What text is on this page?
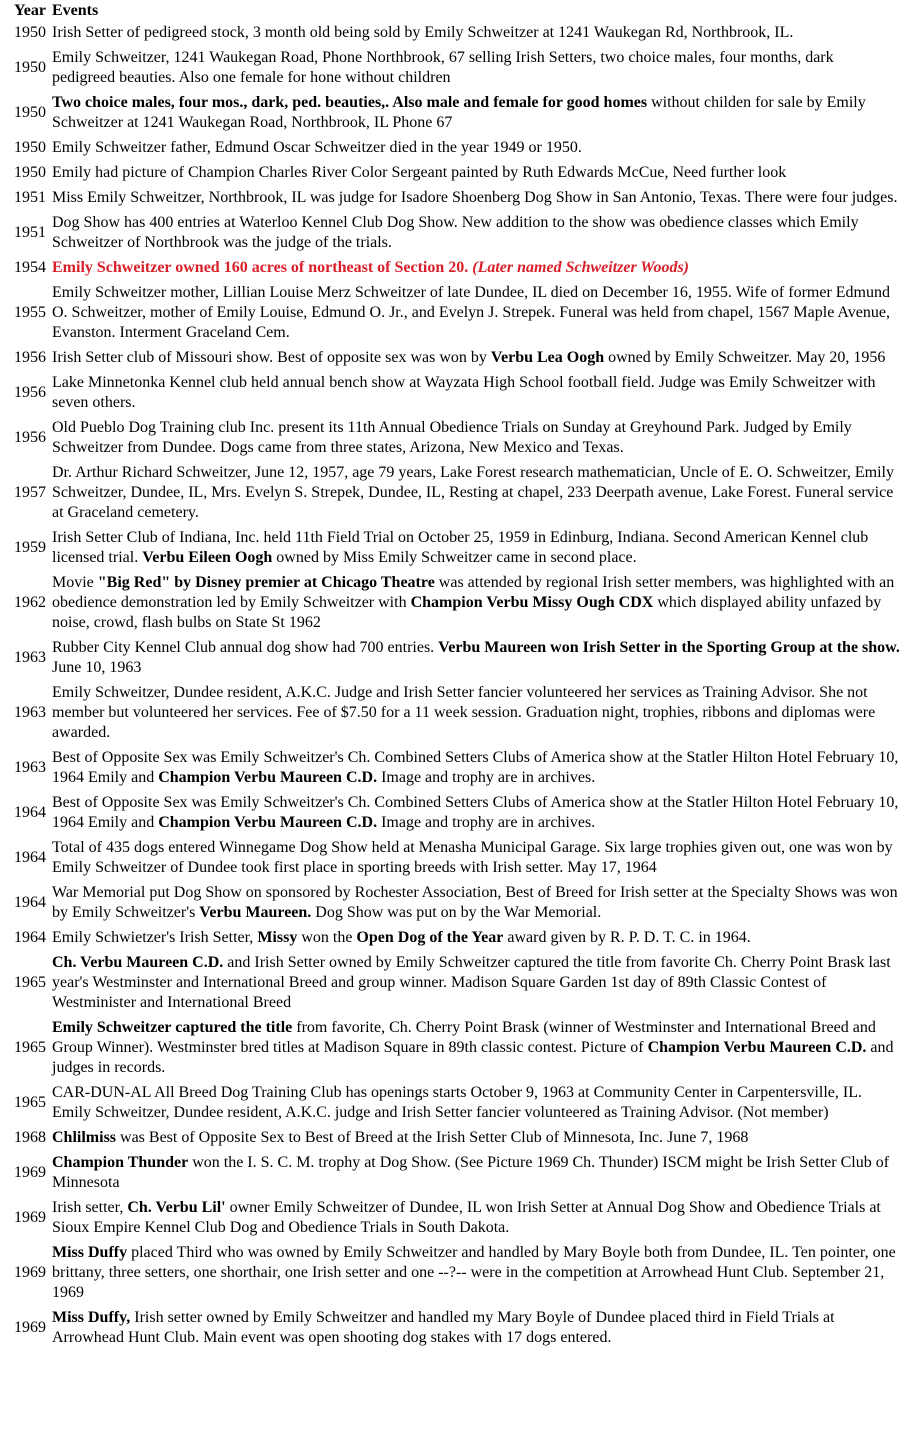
Year Events
1950 Irish Setter of pedigreed stock, 3 month old being sold by Emily Schweitzer at 1241 Waukegan Rd, Northbrook, IL.
1950
Emily Schweitzer, 1241 Waukegan Road, Phone Northbrook, 67 selling Irish Setters, two choice males, four months, dark pedigreed beauties. Also one female for hone without children
1950
Two choice males, four mos., dark, ped. beauties,. Also male and female for good homes without childen for sale by Emily Schweitzer at 1241 Waukegan Road, Northbrook, IL Phone 67
1950 Emily Schweitzer father, Edmund Oscar Schweitzer died in the year 1949 or 1950.
1950 Emily had picture of Champion Charles River Color Sergeant painted by Ruth Edwards McCue, Need further look
1951 Miss Emily Schweitzer, Northbrook, IL was judge for Isadore Shoenberg Dog Show in San Antonio, Texas. There were four judges.
1951
Dog Show has 400 entries at Waterloo Kennel Club Dog Show. New addition to the show was obedience classes which Emily Schweitzer of Northbrook was the judge of the trials.
1954 Emily Schweitzer owned 160 acres of northeast of Section 20. (Later named Schweitzer Woods)
1955
Emily Schweitzer mother, Lillian Louise Merz Schweitzer of late Dundee, IL died on December 16, 1955. Wife of former Edmund O. Schweitzer, mother of Emily Louise, Edmund O. Jr., and Evelyn J. Strepek. Funeral was held from chapel, 1567 Maple Avenue, Evanston. Interment Graceland Cem.
1956 Irish Setter club of Missouri show. Best of opposite sex was won by Verbu Lea Oogh owned by Emily Schweitzer. May 20, 1956
1956
Lake Minnetonka Kennel club held annual bench show at Wayzata High School football field. Judge was Emily Schweitzer with seven others.
1956
Old Pueblo Dog Training club Inc. present its 11th Annual Obedience Trials on Sunday at Greyhound Park. Judged by Emily Schweitzer from Dundee. Dogs came from three states, Arizona, New Mexico and Texas.
1957
Dr. Arthur Richard Schweitzer, June 12, 1957, age 79 years, Lake Forest research mathematician, Uncle of E. O. Schweitzer, Emily Schweitzer, Dundee, IL, Mrs. Evelyn S. Strepek, Dundee, IL, Resting at chapel, 233 Deerpath avenue, Lake Forest. Funeral service at Graceland cemetery.
1959
Irish Setter Club of Indiana, Inc. held 11th Field Trial on October 25, 1959 in Edinburg, Indiana. Second American Kennel club licensed trial. Verbu Eileen Oogh owned by Miss Emily Schweitzer came in second place.
1962
Movie "Big Red" by Disney premier at Chicago Theatre was attended by regional Irish setter members, was highlighted with an obedience demonstration led by Emily Schweitzer with Champion Verbu Missy Ough CDX which displayed ability unfazed by noise, crowd, flash bulbs on State St 1962
1963
Rubber City Kennel Club annual dog show had 700 entries. Verbu Maureen won Irish Setter in the Sporting Group at the show. June 10, 1963
1963
Emily Schweitzer, Dundee resident, A.K.C. Judge and Irish Setter fancier volunteered her services as Training Advisor. She not member but volunteered her services. Fee of $7.50 for a 11 week session. Graduation night, trophies, ribbons and diplomas were awarded.
1963
Best of Opposite Sex was Emily Schweitzer's Ch. Combined Setters Clubs of America show at the Statler Hilton Hotel February 10, 1964 Emily and Champion Verbu Maureen C.D. Image and trophy are in archives.
1964
Best of Opposite Sex was Emily Schweitzer's Ch. Combined Setters Clubs of America show at the Statler Hilton Hotel February 10, 1964 Emily and Champion Verbu Maureen C.D. Image and trophy are in archives.
1964
Total of 435 dogs entered Winnegame Dog Show held at Menasha Municipal Garage. Six large trophies given out, one was won by Emily Schweitzer of Dundee took first place in sporting breeds with Irish setter. May 17, 1964
1964
War Memorial put Dog Show on sponsored by Rochester Association, Best of Breed for Irish setter at the Specialty Shows was won by Emily Schweitzer's Verbu Maureen. Dog Show was put on by the War Memorial.
1964 Emily Schwietzer's Irish Setter, Missy won the Open Dog of the Year award given by R. P. D. T. C. in 1964.
1965
Ch. Verbu Maureen C.D. and Irish Setter owned by Emily Schweitzer captured the title from favorite Ch. Cherry Point Brask last year's Westminster and International Breed and group winner. Madison Square Garden 1st day of 89th Classic Contest of Westminister and International Breed
1965
Emily Schweitzer captured the title from favorite, Ch. Cherry Point Brask (winner of Westminster and International Breed and Group Winner). Westminster bred titles at Madison Square in 89th classic contest. Picture of Champion Verbu Maureen C.D. and judges in records.
1965
CAR-DUN-AL All Breed Dog Training Club has openings starts October 9, 1963 at Community Center in Carpentersville, IL. Emily Schweitzer, Dundee resident, A.K.C. judge and Irish Setter fancier volunteered as Training Advisor. (Not member)
1968 Chlilmiss was Best of Opposite Sex to Best of Breed at the Irish Setter Club of Minnesota, Inc. June 7, 1968
1969
Champion Thunder won the I. S. C. M. trophy at Dog Show. (See Picture 1969 Ch. Thunder) ISCM might be Irish Setter Club of Minnesota
1969
Irish setter, Ch. Verbu Lil' owner Emily Schweitzer of Dundee, IL won Irish Setter at Annual Dog Show and Obedience Trials at Sioux Empire Kennel Club Dog and Obedience Trials in South Dakota.
1969
Miss Duffy placed Third who was owned by Emily Schweitzer and handled by Mary Boyle both from Dundee, IL. Ten pointer, one brittany, three setters, one shorthair, one Irish setter and one --?-- were in the competition at Arrowhead Hunt Club. September 21, 1969
1969
Miss Duffy, Irish setter owned by Emily Schweitzer and handled my Mary Boyle of Dundee placed third in Field Trials at Arrowhead Hunt Club. Main event was open shooting dog stakes with 17 dogs entered.
